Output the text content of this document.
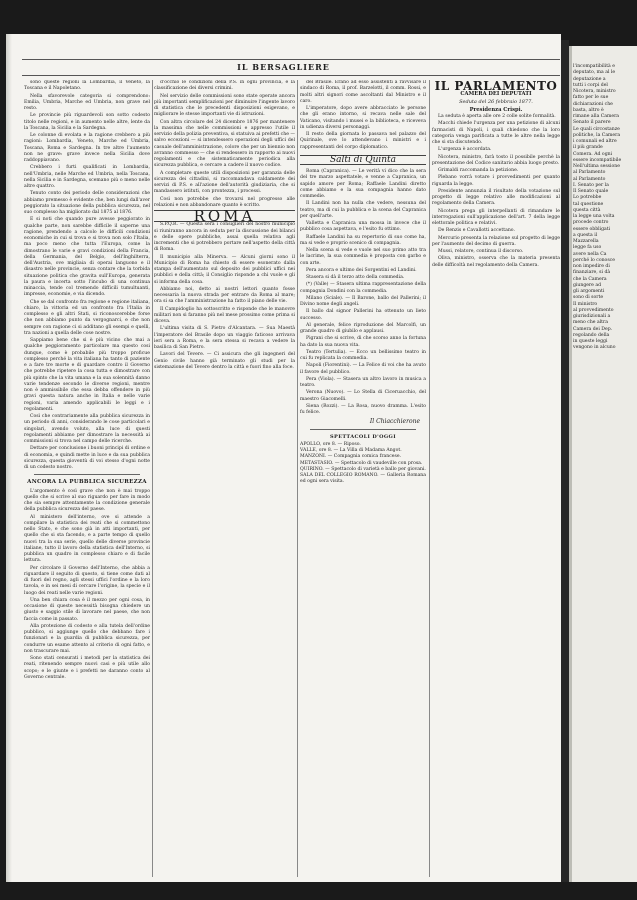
l'incompatibilità e

deputato, ma al le

deputazione a

tutti i corpi del

Nicotera, ministro

fatto per le sue

dichiarazioni che

basta, altro è

rimane alla Camera

Senato il parere

Le quali circostanze

politiche, la Camera

i comunali ed altre

il più grande

Comera. Ad ogni

essere incompatibile

Nell'ultima sessione

al Parlamento

al Parlamento

I. Senato per la

Il Senato quale

Lo potrebbe

tal questione

questa città

la legge una volta

procede contro

essere obbligati

a questa il

Mazzarella

legge fa uso

avere nella Ca

perché lo conosce

non impedire di

finanziare, si dà

che la Camera

giungere ad

gli argomenti

sono di sorte

Il ministro

al provvedimento

giurisdizionali a

meno che altra

Camera dei Dep.

regolando della

in queste leggi

vengono in alcuno

IL BERSAGLIERE

sono queste regioni la Lombardia, il Veneto, la Toscana e il Napoletano.

Nella sfavorevole categoria si comprendono: Emilia, Umbria, Marche ed Umbria, non grave nel resto.

Le provincie più riguardevoli son sotto codesto titolo nelle regioni, e in aumento nelle altre, lente da la Toscana, la Sicilia e la Sardegna.

Le colonne di evolata e la ragione crebbero a più ragioni: Lombardia, Veneto, Marche ed Umbria, Toscana, Roma e Sardegna. In tre altre l'aumento non ne grave: grave invece nella Sicilia dove raddoppiavano.

Crebbero i furti qualificati in Lombardia, nell'Umbria, nelle Marche ed Umbria, nella Toscana, nella Sicilia e in Sardegna, scemano più o meno nelle altre quattro.

Tenuto conto dei periodo delle considerazioni che abbiamo premesso è evidente che, ben lungi dall'aver peggiorato la situazione della pubblica sicurezza, nel suo complesso ha migliorato dal 1875 al 1876.

E si noti che quando pure avesse peggiorato in qualche parte, non sarebbe difficile il saperne una ragione, prendendo a calcolo le difficili condizioni economiche in cui si trova e si trova non solo l'Italia, ma poco meno che tutta l'Europa, come la dimostrano le varie e gravi condizioni della Francia, della Germania, del Belgio, dell'Inghilterra, dell'Austria, ove migliaia di operai languono e il disastro nelle provincie, senza contare che la torbida situazione politica che gravita sull'Europa, generata la paura e incerta sotto l'incubo di una continua minaccia, tende col tremendo difficili tumultuanti, impresse, economie, e via dicendo.

Che se dal confronto fra regione e regione italiana, chiaro, la vittoria ed un confronto fra l'Italia in complesso e gli altri Stati, si riconoscerebbe forse che non abbiamo punto da vergognarci, e che non sempre con ragione ci si additano gli esempi e quelli, tra nazioni a quella delle cose nostre.

Sappiamo bene che si è più vicino che mai a qualche peggioramento particolare ma questo cosi dunque, come è probabile più troppo proficue complesso perché la vita italiana ha tanto di paziente e a fare tre morte e di guardare contro il Governo che potrebbe ripetere la cosa tutta e dimostrare con più spinto che la vita umana e la sua solennità danno varie tendenze secondo le diverse regioni, mentre non è ammissibile che essa debba offendere in più gravi questa natura anche in Italia e nelle varie regioni, varia amendo applicabili le leggi e i regolamenti.

Così che contrariamente alla pubblica sicurezza in un periodo di anni, considerando le cose particolari e singolari, avendo voluto, alla luce di questi regolamenti abbiamo per dimostrare la necessità ai commissioni si trova nel campo delle ricerche.

Dettare per conclusione i buoni principi di ordine e di economia, e quindi mette in luce e da sua pubblica sicurezza, questa gioventù di voi stesso d'ogni notte di un codesto nostro.

ANCORA LA PUBBLICA SICUREZZA

L'argomento è così grave che non è mai troppo quello che si scrive al suo riguardo per fare in modo che sia sempre attentamente la condizione generale della pubblica sicurezza del paese.

Al ministero dell'interno, ove si attende a compilare la statistica dei reati che si commettono nello Stato, e che sono già in atti importanti, per quello che si sta facendo, e a parte tempo di quello nuovi tra la sua serie, quello delle diverse provincie italiane, tutto il lavoro della statistica dell'Interno, si pubblica un quadro in complesso chiaro e di facile lettura.

Per circolare il Governo dell'Interno, che abbia a riguardare il seguito di questo, si tiene come dati al di fuori del regno, agli stessi uffici l'ordine e la loro tavola, e in sei mesi di cercare l'origine, la specie e il luogo dei reati nelle varie regioni.

Una ben chiara cosa è il mezzo per ogni cosa, in occasione di queste necessità bisogna chiedere un giusto e saggio stile di lavorare nel paese, che non faccia come in passato.

Alla protezione di codesto e alla tutela dell'ordine pubblico, si aggiunge quello che debbano fare i funzionari e la guardia di pubblica sicurezza, per condurre un esame attento al criterio di ogni fatto, e non trascurare mai.

Sono stati censurati i metodi per la statistica dei reati, ritenendo sempre nuovi casi e più utile allo scopo; e le giunte e i prefetti ne daranno conto al Governo centrale.

d'occhio le condizioni della P.S. in ogni provincia, e la classificazione dei diversi crimini.

Nel servizio delle commissioni sono state operate ancora più importanti semplificazioni per diminuire l'ingente lavoro di statistica che le precedenti disposizioni esigevano, e migliorare le stesse importanti vie di istruzioni.

Con altra circolare del 24 dicembre 1876 per mantenere la massima che nelle commissioni e appresso l'utile il servizio della polizia preventiva, si statuiva ai prefetti che — salvo eccezioni — si intendessero operazioni degli uffici del casuale dell'amministrazione, colore che per un biennio non avranno commesso — che si rendessero in rapporto ai nuovi regolamenti e che sistematicamente periodica alla sicurezza pubblica, e cercare a cadere il nuovo codice.

A completare queste utili disposizioni per garanzia delle sicurezza dei cittadini, si raccomandava caldamente dei servizi di P.S. e all'azione dell'autorità giudiziaria, che si mandassero istituti, con prontezza, i processi.

Così non potrebbe che trovarsi nel progresso alle relazioni e non abbandonare quanto è scritto.

ROMA

S.P.Q.R. — Questa sera i consiglieri del nostro municipio si riuniranno ancora in seduta per la discussione dei bilanci e delle opere pubbliche, assai quella relativa agli incrementi che si potrebbero portare nell'aspetto della città di Roma.

Il municipio alla Minerva. — Alcuni giorni sono il Municipio di Roma ha chiesto di essere esonerato dalla stampa dell'aumentato sul deposito dei pubblici uffici nei pubblici e della città; il Consiglio risponde a chi vuole e gli si informa della cosa.

Abbiamo noi, detto ai nostri lettori quanto fosse necessaria la nuova strada per entrare da Roma al mare; ora si sa che l'amministrazione ha fatto il piano delle vie.

Il Campidoglio ha sottoscritto e risponde che le manovre militari non si faranno più nel mese prossimo come prima si diceva.

L'ultima visita di S. Pietro d'Alcantara. — Sua Maestà l'imperatore del Brasile dopo un viaggio faticoso arrivava ieri sera a Roma, e la sera stessa si recava a vedere la basilica di San Pietro.

Lavori del Tevere. — Ci assicura che gli ingegneri del Genio civile hanno già terminato gli studi per la sistemazione del Tevere dentro la città e fuori fino alla foce.

del Brasile. Erano ad esso assistenti a ravvisare il sindaco di Roma, il prof. Barzelotti, il comm. Rossi, e molti altri signori come ascoltanti dal Ministro e il caro.

L'imperatore, dopo avere abbracciato le persone che gli erano intorno, si recava nelle sale del Vaticano, visitando i musei e la biblioteca, e riceveva in udienza diversi personaggi.

Il resto della giornata lo passava nel palazzo del Quirinale, ove lo attendevano i ministri e i rappresentanti del corpo diplomatico.

Salti di Quinta

Roma (Capranica). — Le verità vi dico che la sera del tre marzo aspettatele, e venne a Capranica, un sapido amore per Roma; Raffaele Landini diretto come abbiamo e la sua compagnia hanno dato commedie.

Il Landini non ha nulla che vedere, nessuna del teatro, ma di cui la pubblica e la scena del Capranica per quell'arte.

Valletta e Capranica una mossa in invece che il pubblico cosa aspettava, e l'esito fu ottimo.

Raffaele Landini ha su repertorio di suo come ha, ma si vede e proprio scenico di compagnia.

Nella scena si vede e vuole nel suo primo atto tra le lacrime, la sua commedia è proposta con garbo e con arte.

Pera ancora e ultimo dei Sorgentini ed Landini.

Stasera si dà il terzo atto della commedia.

(*) (Valle) — Stasera ultima rappresentazione della compagnia Dondini con la commedia.

Milano (Sciale). — Il Barone, ballo del Pallerini; il Divino nome degli angeli.

Il ballo dal signor Pallerini ha ottenuto un lieto successo.

Al generale, felice riproduzione del Marcolfi, un grande quadro di giubilo e applausi.

Pigrani che si scrive, di che scorso anno la fortuna ha dato la sua nuova vita.

Teatro (Tertulia). — Ecco un bellissimo teatro in cui fu replicata la commedia.

Napoli (Fiorentini). — La Felice di voi che ha avuto il favore del pubblico.

Pera (Viola). — Stasera un altro lavoro in musica a teatro.

Verona (Nuovo). — Lo Stella di Ciceruacchio, del maestro Giacomelli.

Siena (Rozzi). — La Rosa, nuovo dramma. L'esito fu felice.

Il Chiacchierone
SPETTACOLI D'OGGI

APOLLO, ore 8. — Riposo.

VALLE, ore 8. — La Villa di Madama Angot.

MANZONI. — Compagnia comica francese.

METASTASIO. — Spettacolo di vaudeville con prosa.

QUIRINO. — Spettacolo di varietà e ballo per giovani.

SALA DEL COLLEGIO ROMANO. — Galleria Romana ed ogni sera visita.

IL PARLAMENTO
CAMERA DEI DEPUTATI
Seduta del 26 febbraio 1877.
Presidenza Crispi.

La seduta è aperta alle ore 2 colle solite formalità.

Macchi chiede l'urgenza per una petizione di alcuni farmacisti di Napoli, i quali chiedono che la loro categoria venga parificata a tutte le altre nella legge che si sta discutendo.

L'urgenza è accordata.

Nicotera, ministro, farà tosto il possibile perchè la presentazione del Codice sanitario abbia luogo presto.

Grimaldi raccomanda la petizione.

Plebano vorrà votare i provvedimenti per quanto riguarda la legge.

Presidente annunzia il risultato della votazione sul progetto di legge relativo alle modificazioni al regolamento della Camera.

Nicotera prega gli interpellanti di rimandare le interrogazioni sull'applicazione dell'art. 7 della legge elettorale politica e relativi.

De Renzis e Cavallotti accettano.

Mercurio presenta la relazione sul progetto di legge per l'aumento del decimo di guerra.

Mussi, relatore, continua il discorso.

Oliva, ministro, osserva che la materia presenta delle difficoltà nel regolamento della Camera.
